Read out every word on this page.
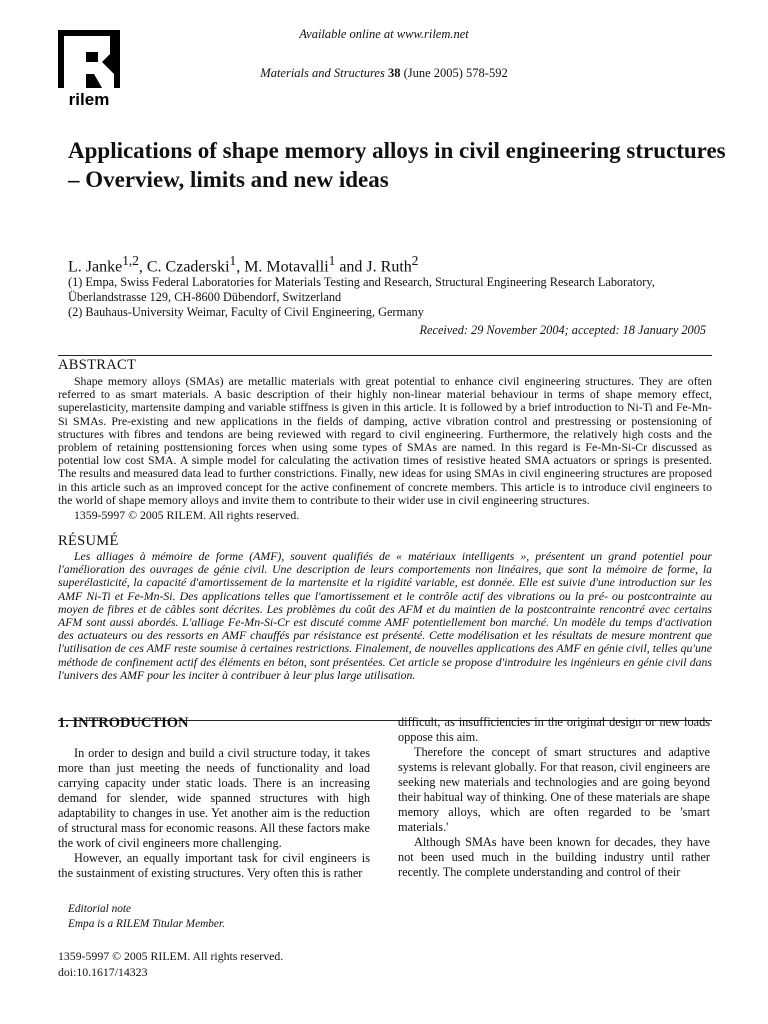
rilem
Available online at www.rilem.net
Materials and Structures 38 (June 2005) 578-592
Applications of shape memory alloys in civil engineering structures – Overview, limits and new ideas

L. Janke$^{1,2}$, C. Czaderski$^1$, M. Motavalli$^1$ and J. Ruth$^2$

(1) Empa, Swiss Federal Laboratories for Materials Testing and Research, Structural Engineering Research Laboratory, Überlandstrasse 129, CH-8600 Dübendorf, Switzerland
(2) Bauhaus-University Weimar, Faculty of Civil Engineering, Germany
Received: 29 November 2004; accepted: 18 January 2005
ABSTRACT

Shape memory alloys (SMAs) are metallic materials with great potential to enhance civil engineering structures. They are often referred to as smart materials. A basic description of their highly non-linear material behaviour in terms of shape memory effect, superelasticity, martensite damping and variable stiffness is given in this article. It is followed by a brief introduction to Ni-Ti and Fe-Mn-Si SMAs. Pre-existing and new applications in the fields of damping, active vibration control and prestressing or postensioning of structures with fibres and tendons are being reviewed with regard to civil engineering. Furthermore, the relatively high costs and the problem of retaining posttensioning forces when using some types of SMAs are named. In this regard is Fe-Mn-Si-Cr discussed as potential low cost SMA. A simple model for calculating the activation times of resistive heated SMA actuators or springs is presented. The results and measured data lead to further constrictions. Finally, new ideas for using SMAs in civil engineering structures are proposed in this article such as an improved concept for the active confinement of concrete members. This article is to introduce civil engineers to the world of shape memory alloys and invite them to contribute to their wider use in civil engineering structures.

1359-5997 © 2005 RILEM. All rights reserved.
RÉSUMÉ

Les alliages à mémoire de forme (AMF), souvent qualifiés de « matériaux intelligents », présentent un grand potentiel pour l'amélioration des ouvrages de génie civil. Une description de leurs comportements non linéaires, que sont la mémoire de forme, la superélasticité, la capacité d'amortissement de la martensite et la rigidité variable, est donnée. Elle est suivie d'une introduction sur les AMF Ni-Ti et Fe-Mn-Si. Des applications telles que l'amortissement et le contrôle actif des vibrations ou la pré- ou postcontrainte au moyen de fibres et de câbles sont décrites. Les problèmes du coût des AFM et du maintien de la postcontrainte rencontré avec certains AFM sont aussi abordés. L'alliage Fe-Mn-Si-Cr est discuté comme AMF potentiellement bon marché. Un modèle du temps d'activation des actuateurs ou des ressorts en AMF chauffés par résistance est présenté. Cette modélisation et les résultats de mesure montrent que l'utilisation de ces AMF reste soumise à certaines restrictions. Finalement, de nouvelles applications des AMF en génie civil, telles qu'une méthode de confinement actif des éléments en béton, sont présentées. Cet article se propose d'introduire les ingénieurs en génie civil dans l'univers des AMF pour les inciter à contribuer à leur plus large utilisation.

1. INTRODUCTION

In order to design and build a civil structure today, it takes more than just meeting the needs of functionality and load carrying capacity under static loads. There is an increasing demand for slender, wide spanned structures with high adaptability to changes in use. Yet another aim is the reduction of structural mass for economic reasons. All these factors make the work of civil engineers more challenging.

However, an equally important task for civil engineers is the sustainment of existing structures. Very often this is rather

difficult, as insufficiencies in the original design or new loads oppose this aim.

Therefore the concept of smart structures and adaptive systems is relevant globally. For that reason, civil engineers are seeking new materials and technologies and are going beyond their habitual way of thinking. One of these materials are shape memory alloys, which are often regarded to be 'smart materials.'

Although SMAs have been known for decades, they have not been used much in the building industry until rather recently. The complete understanding and control of their

Editorial note
Empa is a RILEM Titular Member.
1359-5997 © 2005 RILEM. All rights reserved.
doi:10.1617/14323
